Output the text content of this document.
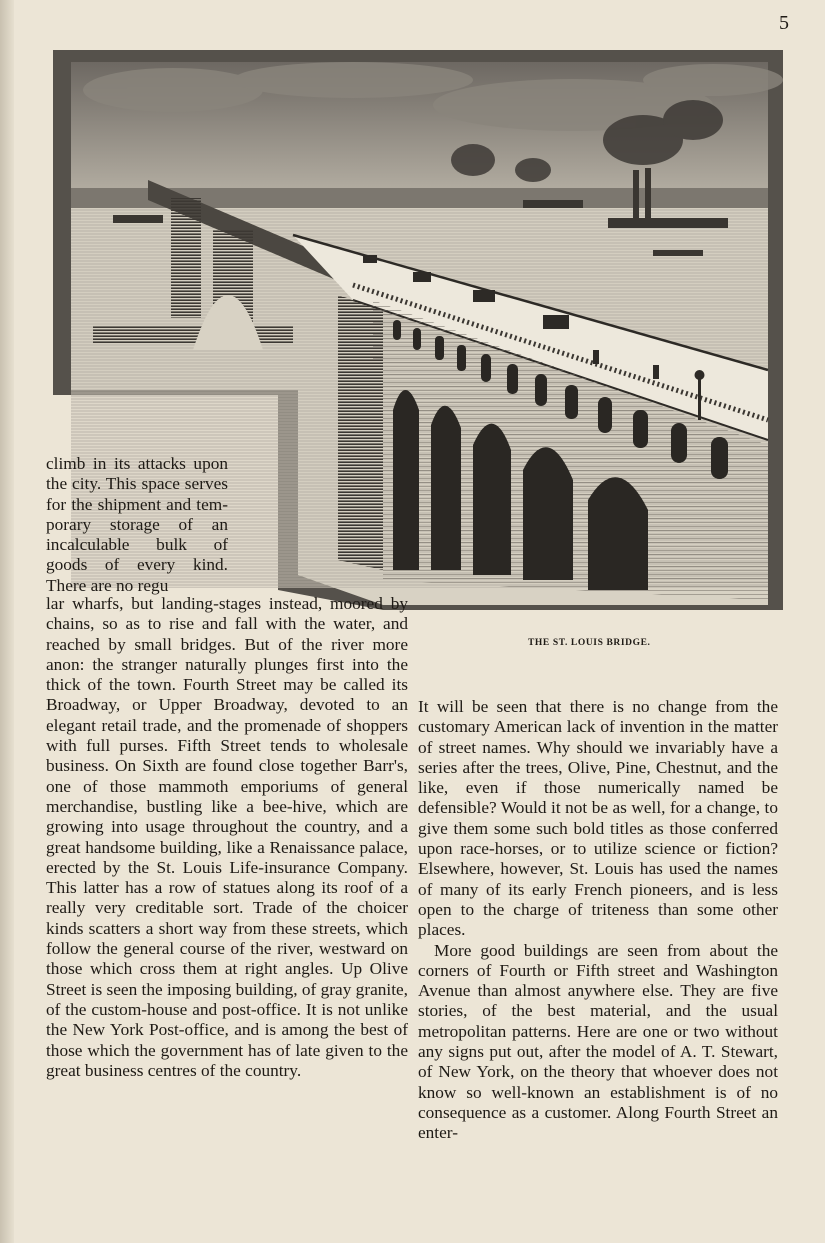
5
THE ST. LOUIS BRIDGE.

climb in its attacks upon the city. This space serves for the shipment and temporary storage of an incalculable bulk of goods of every kind. There are no regu

lar wharfs, but landing-stages instead, moored by chains, so as to rise and fall with the water, and reached by small bridges. But of the river more anon: the stranger naturally plunges first into the thick of the town. Fourth Street may be called its Broadway, or Upper Broadway, devoted to an elegant retail trade, and the promenade of shoppers with full purses. Fifth Street tends to wholesale business. On Sixth are found close together Barr's, one of those mammoth emporiums of general merchandise, bustling like a bee-hive, which are growing into usage throughout the country, and a great handsome building, like a Renaissance palace, erected by the St. Louis Life-insurance Company. This latter has a row of statues along its roof of a really very creditable sort. Trade of the choicer kinds scatters a short way from these streets, which follow the general course of the river, westward on those which cross them at right angles. Up Olive Street is seen the imposing building, of gray granite, of the custom-house and post-office. It is not unlike the New York Post-office, and is among the best of those which the government has of late given to the great business centres of the country.

It will be seen that there is no change from the customary American lack of invention in the matter of street names. Why should we invariably have a series after the trees, Olive, Pine, Chestnut, and the like, even if those numerically named be defensible? Would it not be as well, for a change, to give them some such bold titles as those conferred upon race-horses, or to utilize science or fiction? Elsewhere, however, St. Louis has used the names of many of its early French pioneers, and is less open to the charge of triteness than some other places.

More good buildings are seen from about the corners of Fourth or Fifth street and Washington Avenue than almost anywhere else. They are five stories, of the best material, and the usual metropolitan patterns. Here are one or two without any signs put out, after the model of A. T. Stewart, of New York, on the theory that whoever does not know so well-known an establishment is of no consequence as a customer. Along Fourth Street an enter-
